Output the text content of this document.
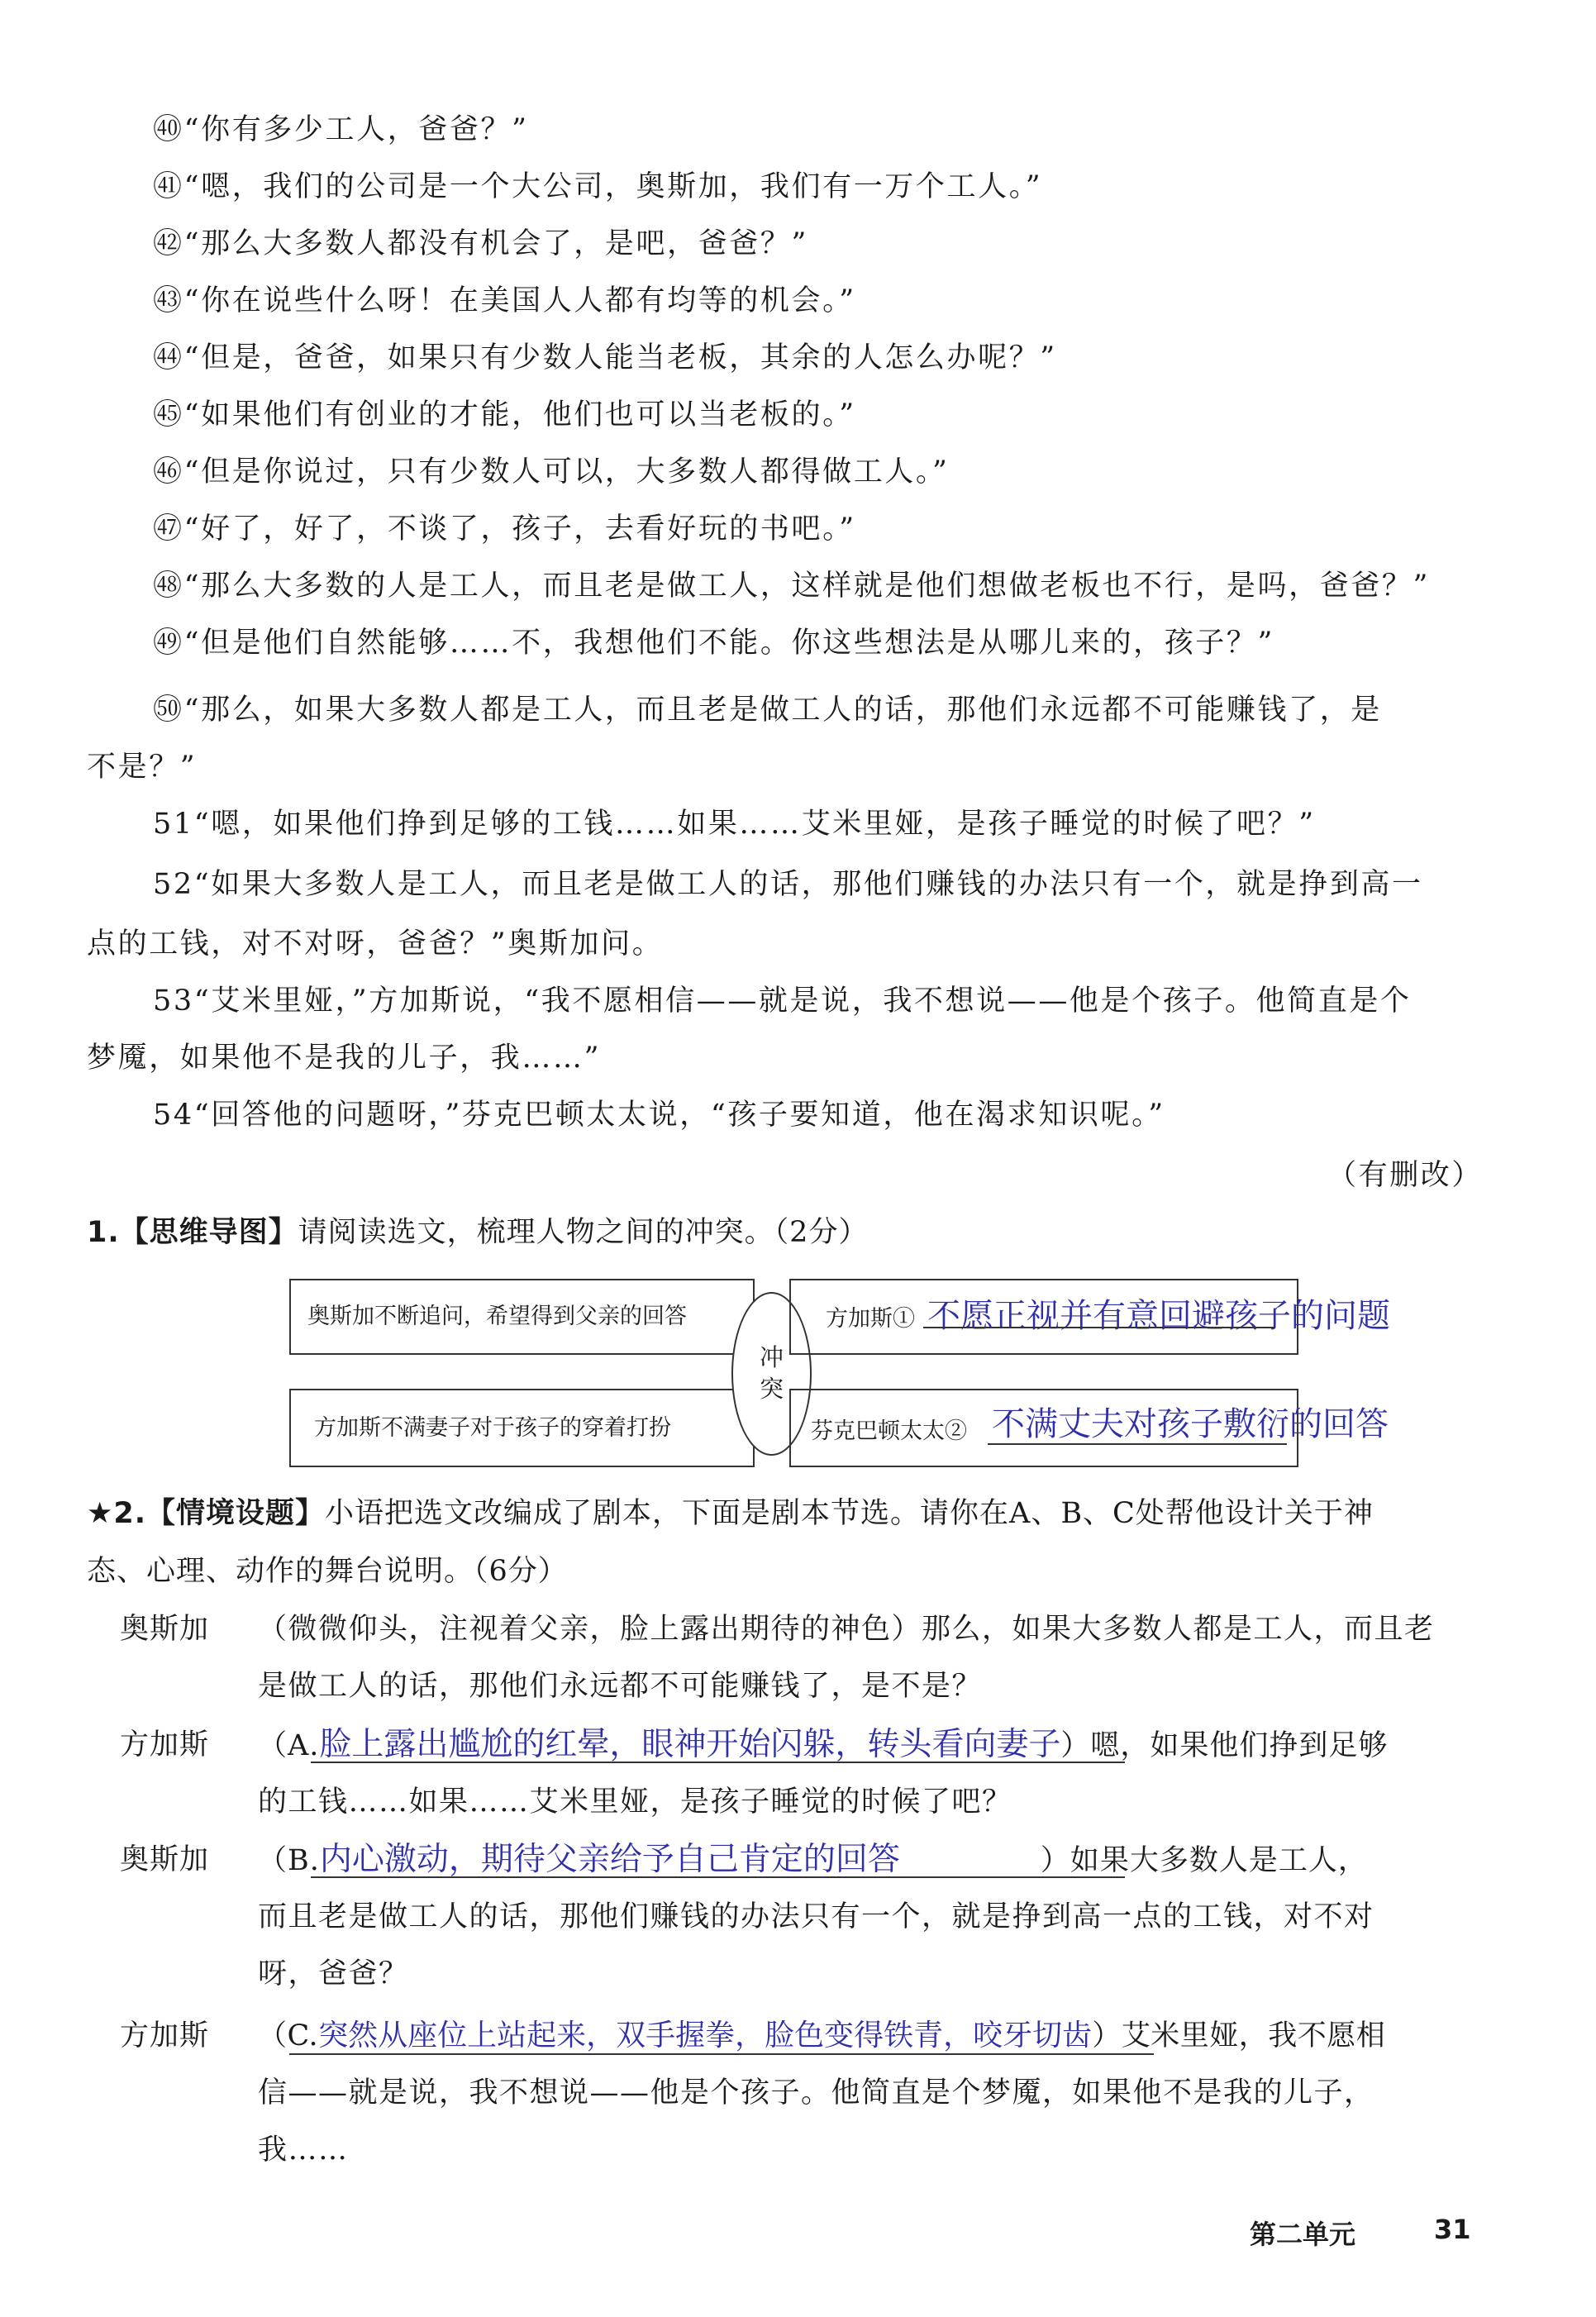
㊵“你有多少工人，爸爸？”
㊶“嗯，我们的公司是一个大公司，奥斯加，我们有一万个工人。”
㊷“那么大多数人都没有机会了，是吧，爸爸？”
㊸“你在说些什么呀！在美国人人都有均等的机会。”
㊹“但是，爸爸，如果只有少数人能当老板，其余的人怎么办呢？”
㊺“如果他们有创业的才能，他们也可以当老板的。”
㊻“但是你说过，只有少数人可以，大多数人都得做工人。”
㊼“好了，好了，不谈了，孩子，去看好玩的书吧。”
㊽“那么大多数的人是工人，而且老是做工人，这样就是他们想做老板也不行，是吗，爸爸？”
㊾“但是他们自然能够……不，我想他们不能。你这些想法是从哪儿来的，孩子？”
㊿“那么，如果大多数人都是工人，而且老是做工人的话，那他们永远都不可能赚钱了，是
不是？”
51“嗯，如果他们挣到足够的工钱……如果……艾米里娅，是孩子睡觉的时候了吧？”
52“如果大多数人是工人，而且老是做工人的话，那他们赚钱的办法只有一个，就是挣到高一
点的工钱，对不对呀，爸爸？”奥斯加问。
53“艾米里娅，”方加斯说，“我不愿相信——就是说，我不想说——他是个孩子。他简直是个
梦魇，如果他不是我的儿子，我……”
54“回答他的问题呀，”芬克巴顿太太说，“孩子要知道，他在渴求知识呢。”
（有删改）
1.【思维导图】请阅读选文，梳理人物之间的冲突。（2分）
奥斯加不断追问，希望得到父亲的回答
方加斯不满妻子对于孩子的穿着打扮
冲突
方加斯① 不愿正视并有意回避孩子的问题
芬克巴顿太太② 不满丈夫对孩子敷衍的回答
★2.【情境设题】小语把选文改编成了剧本，下面是剧本节选。请你在A、B、C处帮他设计关于神
态、心理、动作的舞台说明。（6分）
奥斯加 （微微仰头，注视着父亲，脸上露出期待的神色）那么，如果大多数人都是工人，而且老
是做工人的话，那他们永远都不可能赚钱了，是不是？
方加斯 （A.脸上露出尴尬的红晕，眼神开始闪躲，转头看向妻子）嗯，如果他们挣到足够
的工钱……如果……艾米里娅，是孩子睡觉的时候了吧？
奥斯加 （B.内心激动，期待父亲给予自己肯定的回答	）如果大多数人是工人，
而且老是做工人的话，那他们赚钱的办法只有一个，就是挣到高一点的工钱，对不对
呀，爸爸？
方加斯 （C.突然从座位上站起来，双手握拳，脸色变得铁青，咬牙切齿）艾米里娅，我不愿相
信——就是说，我不想说——他是个孩子。他简直是个梦魇，如果他不是我的儿子，
我……
第二单元	31
